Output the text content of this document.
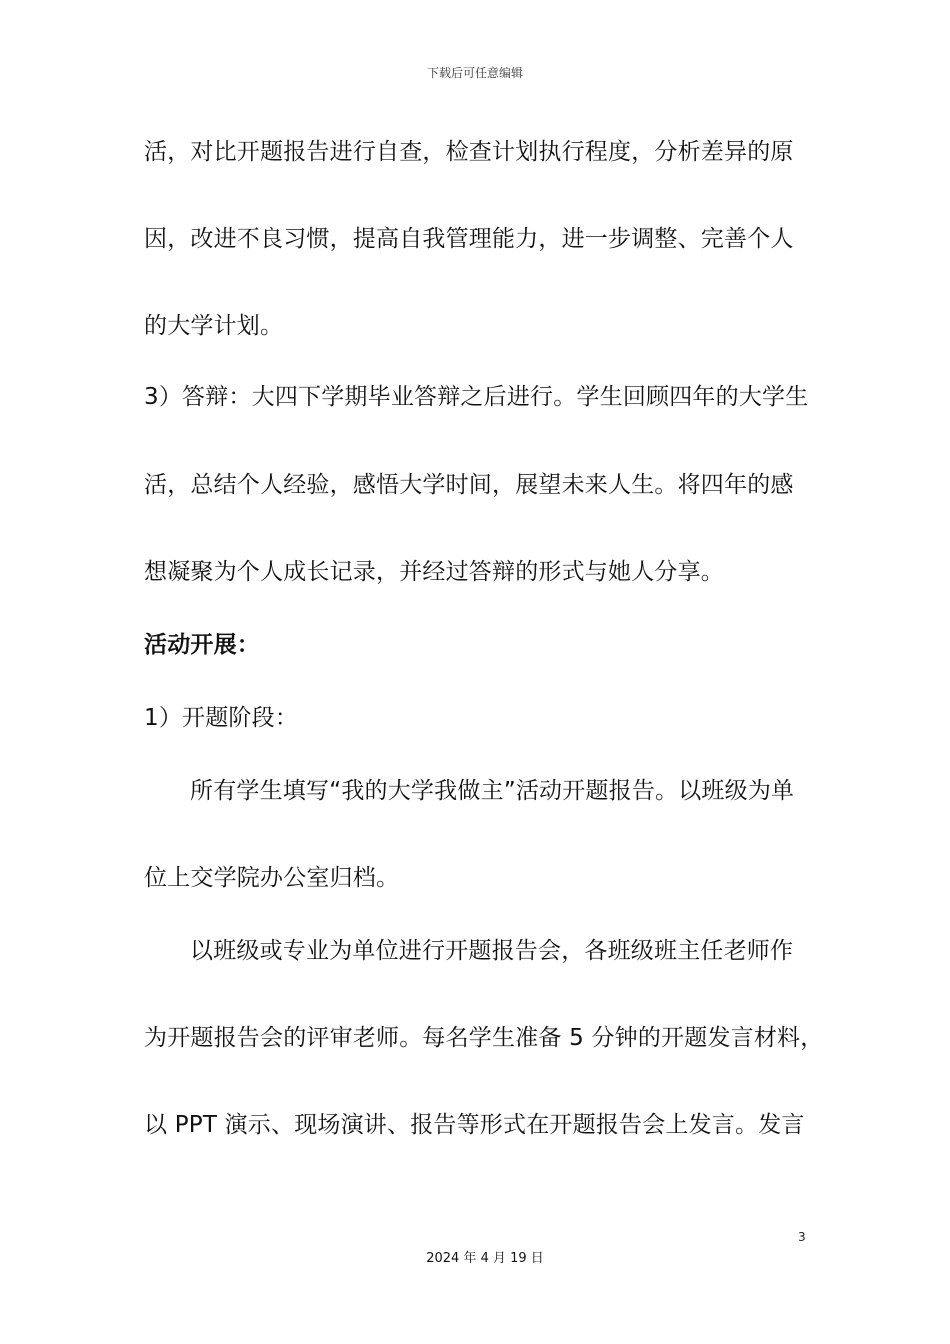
下载后可任意编辑
活，对比开题报告进行自查，检查计划执行程度，分析差异的原
因，改进不良习惯，提高自我管理能力，进一步调整、完善个人
的大学计划。
3）答辩：大四下学期毕业答辩之后进行。学生回顾四年的大学生
活，总结个人经验，感悟大学时间，展望未来人生。将四年的感
想凝聚为个人成长记录，并经过答辩的形式与她人分享。
活动开展：
1）开题阶段：
所有学生填写“我的大学我做主”活动开题报告。以班级为单
位上交学院办公室归档。
以班级或专业为单位进行开题报告会，各班级班主任老师作
为开题报告会的评审老师。每名学生准备 5 分钟的开题发言材料，
以 PPT 演示、现场演讲、报告等形式在开题报告会上发言。发言
3
2024 年 4 月 19 日
